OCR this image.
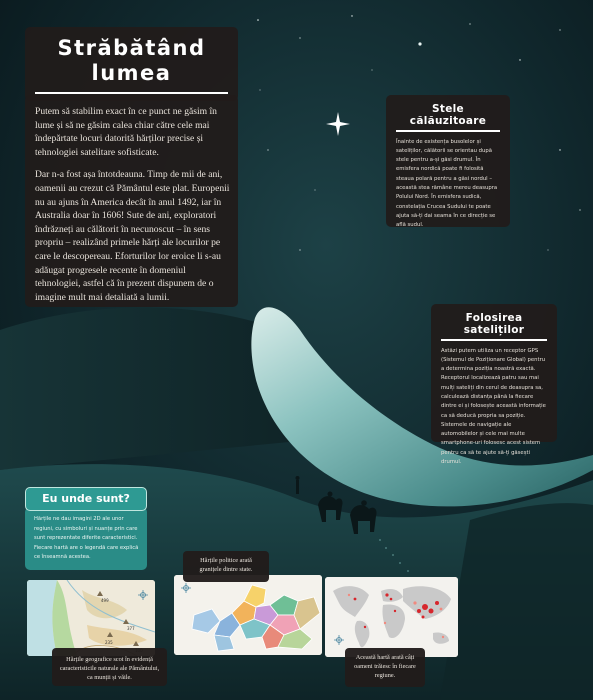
Străbătând lumea

Putem să stabilim exact în ce punct ne găsim în lume și să ne găsim calea chiar către cele mai îndepărtate locuri datorită hărților precise și tehnologiei satelitare sofisticate.

Dar n-a fost așa întotdeauna. Timp de mii de ani, oamenii au crezut că Pământul este plat. Europenii nu au ajuns în America decât în anul 1492, iar în Australia doar în 1606! Sute de ani, exploratori îndrăzneți au călătorit în necunoscut – în sens propriu – realizând primele hărți ale locurilor pe care le descopereau. Eforturilor lor eroice li s-au adăugat progresele recente în domeniul tehnologiei, astfel că în prezent dispunem de o imagine mult mai detaliată a lumii.

Stele călăuzitoare

Înainte de existența busolelor și sateliților, călătorii se orientau după stele pentru a-și găsi drumul. În emisfera nordică poate fi folosită steaua polară pentru a găsi nordul – această stea rămâne mereu deasupra Polului Nord. În emisfera sudică, constelația Crucea Sudului te poate ajuta să-ți dai seama în ce direcție se află sudul.

Folosirea sateliților

Astăzi putem utiliza un receptor GPS (Sistemul de Poziționare Global) pentru a determina poziția noastră exactă. Receptorul localizează patru sau mai mulți sateliți din cerul de deasupra sa, calculează distanța până la fiecare dintre ei și folosește această informație ca să deducă propria sa poziție. Sistemele de navigație ale automobilelor și cele mai multe smartphone-uri folosesc acest sistem pentru ca să te ajute să-ți găsești drumul.

Hărțile ne dau imagini 2D ale unor regiuni, cu simboluri și nuanțe prin care sunt reprezentate diferite caracteristici. Fiecare hartă are o legendă care explică ce înseamnă acestea.

Eu unde sunt?
499
377
235
Hărțile politice arată granițele dintre state.
Hărțile geografice scot în evidență caracteristicile naturale ale Pământului, ca munții și văile.
Această hartă arată câți oameni trăiesc în fiecare regiune.
